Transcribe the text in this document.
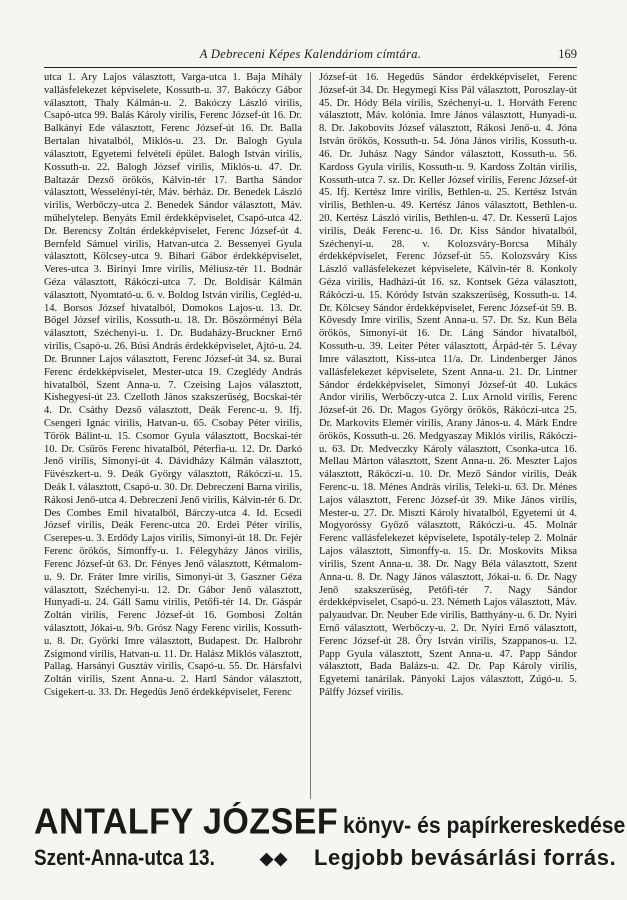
A Debreceni Képes Kalendáriom címtára.	169
utca 1. Ary Lajos választott, Varga-utca 1. Baja Mihály vallásfelekezet képviselete, Kossuth-u. 37. Bakóczy Gábor választott, Thaly Kálmán-u. 2. Bakóczy László virilis, Csapó-utca 99. Balás Károly virilis, Ferenc József-út 16. Dr. Balkányi Ede választott, Ferenc József-út 16. Dr. Balla Bertalan hivatalból, Miklós-u. 23. Dr. Balogh Gyula választott, Egyetemi felvételi épület. Balogh István virilis, Kossuth-u. 22. Balogh József virilis, Miklós-u. 47. Dr. Baltazár Dezső örökös, Kálvin-tér 17. Bartha Sándor választott, Wesselényi-tér, Máv. bérház. Dr. Benedek László virilis, Werbőczy-utca 2. Benedek Sándor választott, Máv. műhelytelep. Benyáts Emil érdekképviselet, Csapó-utca 42. Dr. Berencsy Zoltán érdekképviselet, Ferenc József-út 4. Bernfeld Sámuel virilis, Hatvan-utca 2. Bessenyei Gyula választott, Kölcsey-utca 9. Bihari Gábor érdekképviselet, Veres-utca 3. Birinyi Imre virilis, Méliusz-tér 11. Bodnár Géza választott, Rákóczi-utca 7. Dr. Boldisár Kálmán választott, Nyomtató-u. 6. v. Boldog István virilis, Cegléd-u. 14. Borsos József hivatalból, Domokos Lajos-u. 13. Dr. Bőgel József virilis, Kossuth-u. 18. Dr. Böszörményi Béla választott, Széchenyi-u. 1. Dr. Budaházy-Bruckner Ernő virilis, Csapó-u. 26. Búsi András érdekképviselet, Ajtó-u. 24. Dr. Brunner Lajos választott, Ferenc József-út 34. sz. Burai Ferenc érdekképviselet, Mester-utca 19. Czeglédy András hivatalból, Szent Anna-u. 7. Czeising Lajos választott, Kishegyesi-út 23. Czelloth János szakszerűség, Bocskai-tér 4. Dr. Csáthy Dezső választott, Deák Ferenc-u. 9. Ifj. Csengeri Ignác virilis, Hatvan-u. 65. Csobay Péter virilis, Török Bálint-u. 15. Csomor Gyula választott, Bocskai-tér 10. Dr. Csűrös Ferenc hivatalból, Péterfia-u. 12. Dr. Darkó Jenő virilis, Simonyi-út 4. Dávidházy Kálmán választott, Füvészkert-u. 9. Deák György választott, Rákóczi-u. 15. Deák I. választott, Csapó-u. 30. Dr. Debreczeni Barna virilis, Rákosi Jenő-utca 4. Debreczeni Jenő virilis, Kálvin-tér 6. Dr. Des Combes Emil hivatalból, Bárczy-utca 4. Id. Ecsedi József virilis, Deák Ferenc-utca 20. Erdei Péter virilis, Cserepes-u. 3. Erdődy Lajos virilis, Simonyi-út 18. Dr. Fejér Ferenc örökös, Simonffy-u. 1. Félegyházy János virilis, Ferenc József-út 63. Dr. Fényes Jenő választott, Kétmalom-u. 9. Dr. Fráter Imre virilis, Simonyi-út 3. Gaszner Géza választott, Széchenyi-u. 12. Dr. Gábor Jenő választott, Hunyadi-u. 24. Gáll Samu virilis, Petőfi-tér 14. Dr. Gáspár Zoltán virilis, Ferenc József-út 16. Gombosi Zoltán választott, Jókai-u. 9/b. Grósz Nagy Ferenc virilis, Kossuth-u. 8. Dr. Györki Imre választott, Budapest. Dr. Halbrohr Zsigmond virilis, Hatvan-u. 11. Dr. Halász Miklós választott, Pallag. Harsányi Gusztáv virilis, Csapó-u. 55. Dr. Hársfalvi Zoltán virilis, Szent Anna-u. 2. Hartl Sándor választott, Csigekert-u. 33. Dr. Hegedűs Jenő érdekképviselet, Ferenc
József-út 16. Hegedűs Sándor érdekképviselet, Ferenc József-út 34. Dr. Hegymegi Kiss Pál választott, Poroszlay-út 45. Dr. Hódy Béla virilis, Széchenyi-u. 1. Horváth Ferenc választott, Máv. kolónia. Imre János választott, Hunyadi-u. 8. Dr. Jakobovits József választott, Rákosi Jenő-u. 4. Jóna István örökös, Kossuth-u. 54. Jóna János virilis, Kossuth-u. 46. Dr. Juhász Nagy Sándor választott, Kossuth-u. 56. Kardoss Gyula virilis, Kossuth-u. 9. Kardoss Zoltán virilis, Kossuth-utca 7. sz. Dr. Keller József virilis, Ferenc József-út 45. Ifj. Kertész Imre virilis, Bethlen-u. 25. Kertész István virilis, Bethlen-u. 49. Kertész János választott, Bethlen-u. 20. Kertész László virilis, Bethlen-u. 47. Dr. Kesserű Lajos virilis, Deák Ferenc-u. 16. Dr. Kiss Sándor hivatalból, Széchenyi-u. 28. v. Kolozsváry-Borcsa Mihály érdekképviselet, Ferenc József-út 55. Kolozsváry Kiss László vallásfelekezet képviselete, Kálvin-tér 8. Konkoly Géza virilis, Hadházi-út 16. sz. Kontsek Géza választott, Rákóczi-u. 15. Kóródy István szakszerűség, Kossuth-u. 14. Dr. Kölcsey Sándor érdekképviselet, Ferenc József-út 59. B. Kövesdy Imre virilis, Szent Anna-u. 57. Dr. Sz. Kun Béla örökös, Simonyi-út 16. Dr. Láng Sándor hivatalból, Kossuth-u. 39. Leiter Péter választott, Árpád-tér 5. Lévay Imre választott, Kiss-utca 11/a. Dr. Lindenberger János vallásfelekezet képviselete, Szent Anna-u. 21. Dr. Lintner Sándor érdekképviselet, Simonyi József-út 40. Lukács Andor virilis, Werbőczy-utca 2. Lux Arnold virilis, Ferenc József-út 26. Dr. Magos György örökös, Rákóczi-utca 25. Dr. Markovits Elemér virilis, Arany János-u. 4. Márk Endre örökös, Kossuth-u. 26. Medgyaszay Miklós virilis, Rákóczi-u. 63. Dr. Medveczky Károly választott, Csonka-utca 16. Mellau Márton választott, Szent Anna-u. 26. Meszter Lajos választott, Rákóczi-u. 10. Dr. Mező Sándor virilis, Deák Ferenc-u. 18. Ménes András virilis, Teleki-u. 63. Dr. Ménes Lajos választott, Ferenc József-út 39. Mike János virilis, Mester-u. 27. Dr. Miszti Károly hivatalból, Egyetemi út 4. Mogyoróssy Győző választott, Rákóczi-u. 45. Molnár Ferenc vallásfelekezet képviselete, Ispotály-telep 2. Molnár Lajos választott, Simonffy-u. 15. Dr. Moskovits Miksa virilis, Szent Anna-u. 38. Dr. Nagy Béla választott, Szent Anna-u. 8. Dr. Nagy János választott, Jókai-u. 6. Dr. Nagy Jenő szakszerűség, Petőfi-tér 7. Nagy Sándor érdekképviselet, Csapó-u. 23. Németh Lajos választott, Máv. palyaudvar. Dr. Neuber Ede virilis, Batthyány-u. 6. Dr. Nyiri Ernő választott, Werbőczy-u. 2. Dr. Nyíri Ernő választott, Ferenc József-út 28. Őry István virilis, Szappanos-u. 12. Papp Gyula választott, Szent Anna-u. 47. Papp Sándor választott, Bada Balázs-u. 42. Dr. Pap Károly virilis, Egyetemi tanárilak. Pányoki Lajos választott, Zúgó-u. 5. Pálffy József virilis.
ANTALFY JÓZSEF könyv- és papírkereskedése
Szent-Anna-utca 13.	◆◆ Legjobb bevásárlási forrás.
